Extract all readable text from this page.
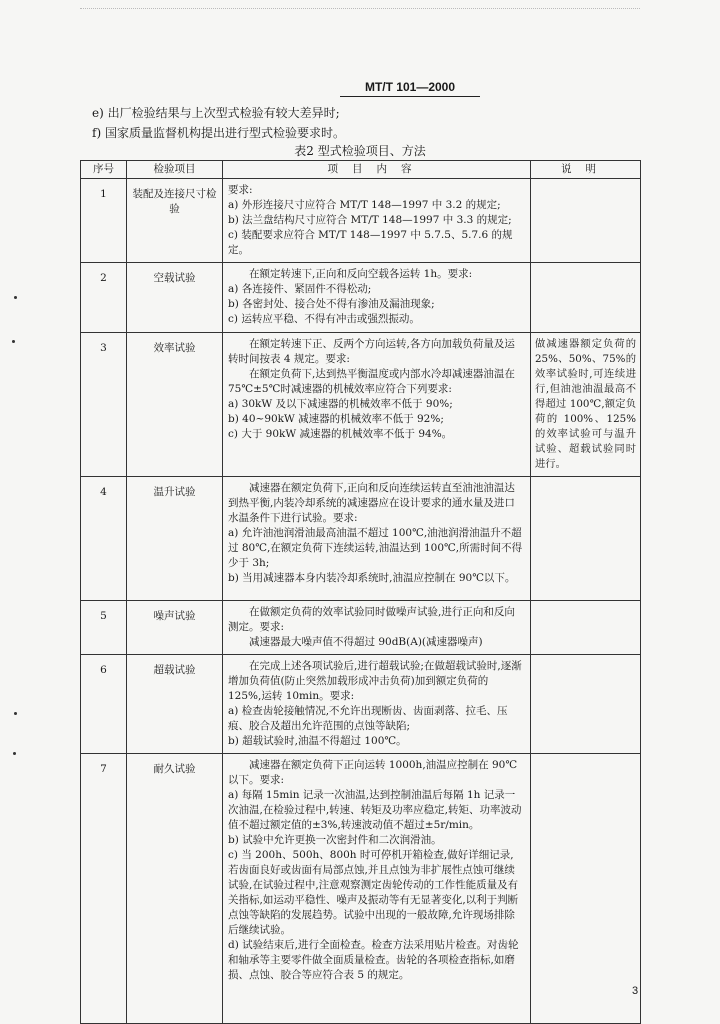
MT/T 101—2000
e) 出厂检验结果与上次型式检验有较大差异时;
f) 国家质量监督机构提出进行型式检验要求时。
表2 型式检验项目、方法
序号	检验项目	项目内容	说明
1	装配及连接尺寸检验	要求:
a) 外形连接尺寸应符合 MT/T 148—1997 中 3.2 的规定;
b) 法兰盘结构尺寸应符合 MT/T 148—1997 中 3.3 的规定;
c) 装配要求应符合 MT/T 148—1997 中 5.7.5、5.7.6 的规定。	

2	空载试验	在额定转速下,正向和反向空载各运转 1h。要求:
a) 各连接件、紧固件不得松动;
b) 各密封处、接合处不得有渗油及漏油现象;
c) 运转应平稳、不得有冲击或强烈振动。	

3	效率试验	在额定转速下正、反两个方向运转,各方向加载负荷量及运转时间按表 4 规定。要求:
在额定负荷下,达到热平衡温度或内部水冷却减速器油温在 75℃±5℃时减速器的机械效率应符合下列要求:
a) 30kW 及以下减速器的机械效率不低于 90%;
b) 40~90kW 减速器的机械效率不低于 92%;
c) 大于 90kW 减速器的机械效率不低于 94%。	做减速器额定负荷的 25%、50%、75%的效率试验时,可连续进行,但油池油温最高不得超过 100℃,额定负荷的 100%、125%的效率试验可与温升试验、超载试验同时进行。
4	温升试验	减速器在额定负荷下,正向和反向连续运转直至油池油温达到热平衡,内装冷却系统的减速器应在设计要求的通水量及进口水温条件下进行试验。要求:
a) 允许油池润滑油最高油温不超过 100℃,油池润滑油温升不超过 80℃,在额定负荷下连续运转,油温达到 100℃,所需时间不得少于 3h;
b) 当用减速器本身内装冷却系统时,油温应控制在 90℃以下。	

5	噪声试验	在做额定负荷的效率试验同时做噪声试验,进行正向和反向测定。要求:
减速器最大噪声值不得超过 90dB(A)(减速器噪声)	

6	超载试验	在完成上述各项试验后,进行超载试验;在做超载试验时,逐渐增加负荷值(防止突然加载形成冲击负荷)加到额定负荷的 125%,运转 10min。要求:
a) 检查齿轮接触情况,不允许出现断齿、齿面剥落、拉毛、压痕、胶合及超出允许范围的点蚀等缺陷;
b) 超载试验时,油温不得超过 100℃。	

7	耐久试验	减速器在额定负荷下正向运转 1000h,油温应控制在 90℃以下。要求:
a) 每隔 15min 记录一次油温,达到控制油温后每隔 1h 记录一次油温,在检验过程中,转速、转矩及功率应稳定,转矩、功率波动值不超过额定值的±3%,转速波动值不超过±5r/min。
b) 试验中允许更换一次密封件和二次润滑油。
c) 当 200h、500h、800h 时可停机开箱检查,做好详细记录,若齿面良好或齿面有局部点蚀,并且点蚀为非扩展性点蚀可继续试验,在试验过程中,注意观察测定齿轮传动的工作性能质量及有关指标,如运动平稳性、噪声及振动等有无显著变化,以利于判断点蚀等缺陷的发展趋势。试验中出现的一般故障,允许现场排除后继续试验。
d) 试验结束后,进行全面检查。检查方法采用贴片检查。对齿轮和轴承等主要零件做全面质量检查。齿轮的各项检查指标,如磨损、点蚀、胶合等应符合表 5 的规定。	

3
